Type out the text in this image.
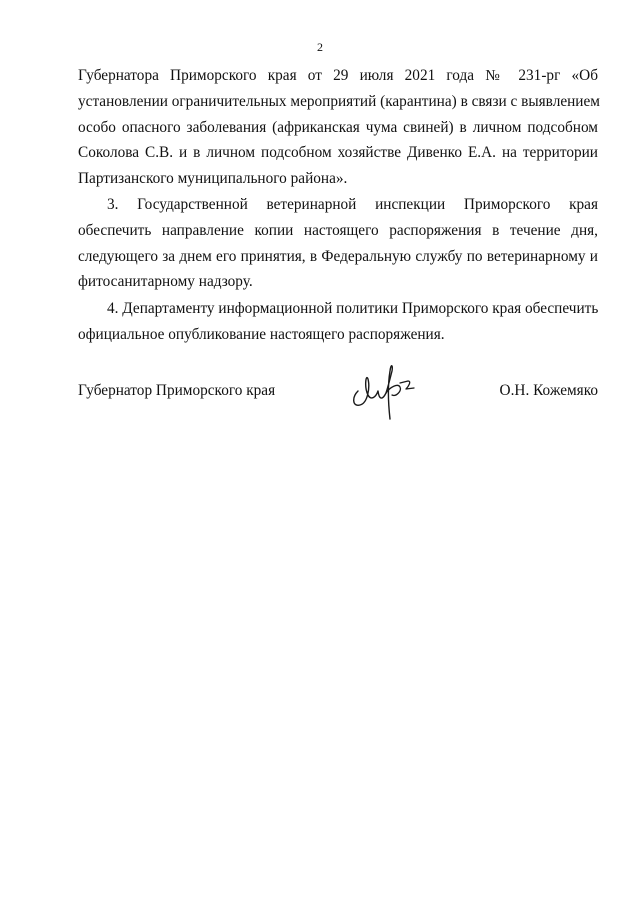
2
Губернатора Приморского края от 29 июля 2021 года № 231-рг «Об
установлении ограничительных мероприятий (карантина) в связи с выявлением
особо опасного заболевания (африканская чума свиней) в личном подсобном
Соколова С.В. и в личном подсобном хозяйстве Дивенко Е.А. на территории
Партизанского муниципального района».
3. Государственной ветеринарной инспекции Приморского края
обеспечить направление копии настоящего распоряжения в течение дня,
следующего за днем его принятия, в Федеральную службу по ветеринарному и
фитосанитарному надзору.
4. Департаменту информационной политики Приморского края обеспечить
официальное опубликование настоящего распоряжения.
Губернатор Приморского края	О.Н. Кожемяко
